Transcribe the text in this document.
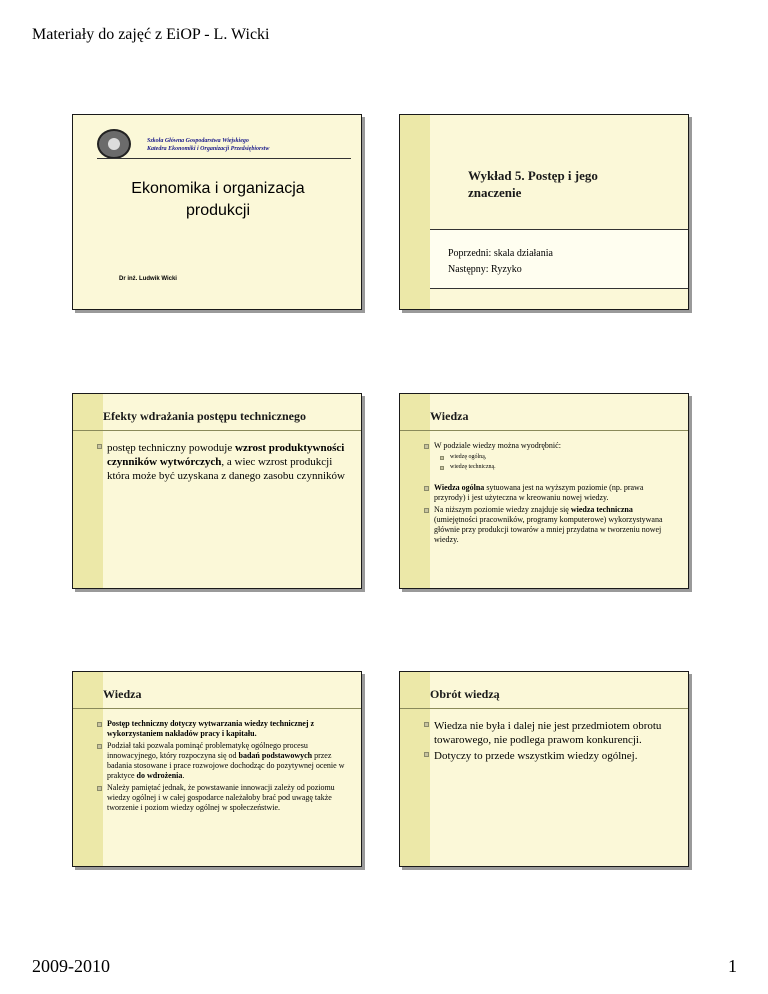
Materiały do zajęć z EiOP - L. Wicki
Szkoła Główna Gospodarstwa Wiejskiego
Katedra Ekonomiki i Organizacji Przedsiębiorstw
Ekonomika i organizacja
produkcji
Dr inż. Ludwik Wicki
Wykład 5. Postęp i jego
znaczenie
Poprzedni: skala działania
Następny: Ryzyko
Efekty wdrażania postępu technicznego
postęp techniczny powoduje wzrost produktywności czynników wytwórczych, a wiec wzrost produkcji która może być uzyskana z danego zasobu czynników
Wiedza
W podziale wiedzy można wyodrębnić:
wiedzę ogólną,
wiedzę techniczną.
Wiedza ogólna sytuowana jest na wyższym poziomie (np. prawa przyrody) i jest użyteczna w kreowaniu nowej wiedzy.
Na niższym poziomie wiedzy znajduje się wiedza techniczna (umiejętności pracowników, programy komputerowe) wykorzystywana głównie przy produkcji towarów a mniej przydatna w tworzeniu nowej wiedzy.
Wiedza
Postęp techniczny dotyczy wytwarzania wiedzy technicznej z wykorzystaniem nakładów pracy i kapitału.
Podział taki pozwala pominąć problematykę ogólnego procesu innowacyjnego, który rozpoczyna się od badań podstawowych przez badania stosowane i prace rozwojowe dochodząc do pozytywnej ocenie w praktyce do wdrożenia.
Należy pamiętać jednak, że powstawanie innowacji zależy od poziomu wiedzy ogólnej i w całej gospodarce należałoby brać pod uwagę także tworzenie i poziom wiedzy ogólnej w społeczeństwie.
Obrót wiedzą
Wiedza nie była i dalej nie jest przedmiotem obrotu towarowego, nie podlega prawom konkurencji.
Dotyczy to przede wszystkim wiedzy ogólnej.
2009-2010	1
